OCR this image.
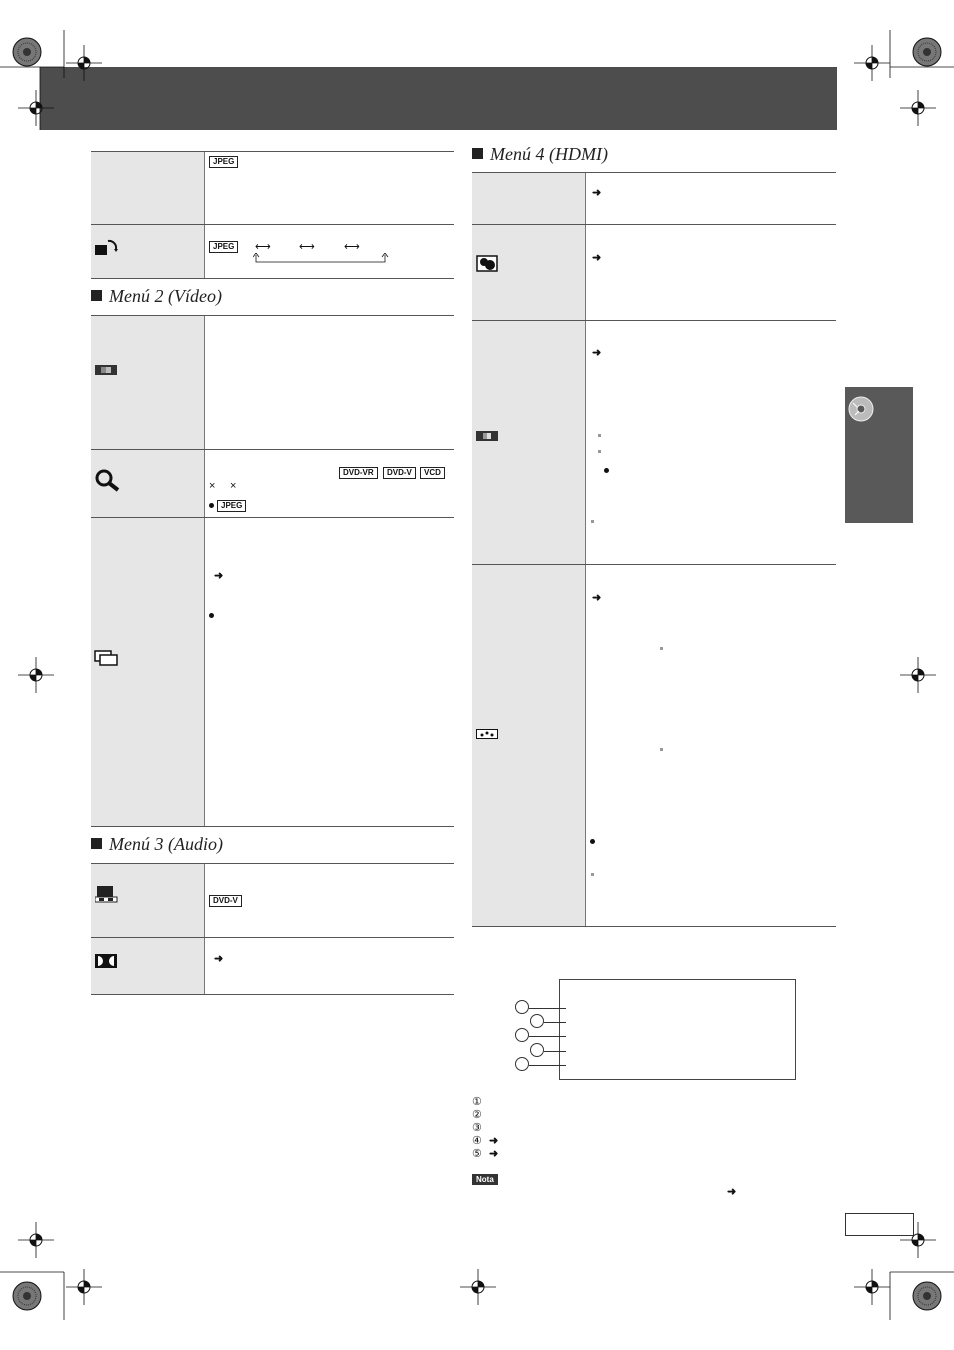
JPEG
JPEG	⟷	⟷	⟷
Menú 2 (Vídeo)
DVD-VR	DVD-V	VCD
× ×
JPEG
➜
Menú 3 (Audio)
DVD-V
➜
Menú 4 (HDMI)
➜
➜
➜
➜
①
②
③
④ ➜
⑤ ➜
Nota
➜
